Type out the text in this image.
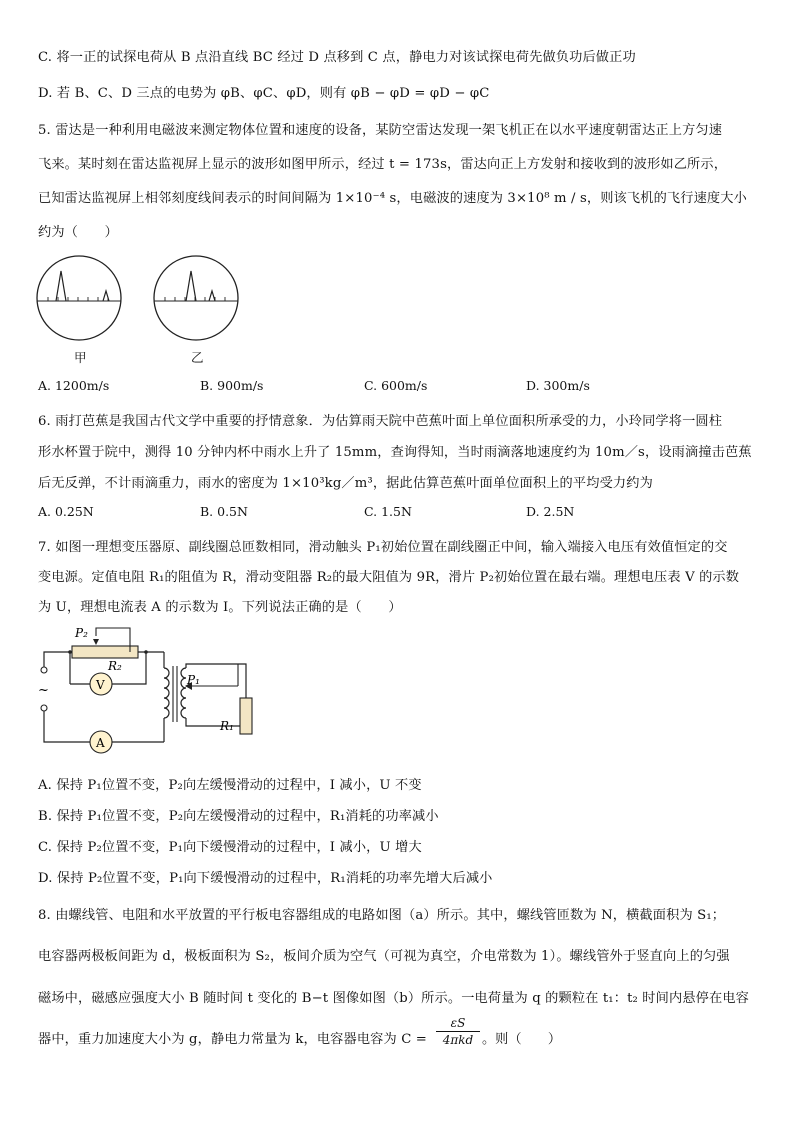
C. 将一正的试探电荷从 B 点沿直线 BC 经过 D 点移到 C 点，静电力对该试探电荷先做负功后做正功
D. 若 B、C、D 三点的电势为 φB、φC、φD，则有 φB − φD = φD − φC
5. 雷达是一种利用电磁波来测定物体位置和速度的设备，某防空雷达发现一架飞机正在以水平速度朝雷达正上方匀速
飞来。某时刻在雷达监视屏上显示的波形如图甲所示，经过 t = 173s，雷达向正上方发射和接收到的波形如乙所示，
已知雷达监视屏上相邻刻度线间表示的时间间隔为 1×10⁻⁴ s，电磁波的速度为 3×10⁸ m / s，则该飞机的飞行速度大小
约为（　　）
甲	乙
A. 1200m/s	B. 900m/s	C. 600m/s	D. 300m/s
6. 雨打芭蕉是我国古代文学中重要的抒情意象．为估算雨天院中芭蕉叶面上单位面积所承受的力，小玲同学将一圆柱
形水杯置于院中，测得 10 分钟内杯中雨水上升了 15mm，查询得知，当时雨滴落地速度约为 10m／s，设雨滴撞击芭蕉
后无反弹，不计雨滴重力，雨水的密度为 1×10³kg／m³，据此估算芭蕉叶面单位面积上的平均受力约为
A. 0.25N	B. 0.5N	C. 1.5N	D. 2.5N
7. 如图一理想变压器原、副线圈总匝数相同，滑动触头 P₁初始位置在副线圈正中间，输入端接入电压有效值恒定的交
变电源。定值电阻 R₁的阻值为 R，滑动变阻器 R₂的最大阻值为 9R，滑片 P₂初始位置在最右端。理想电压表 V 的示数
为 U，理想电流表 A 的示数为 I。下列说法正确的是（　　）
~
P₂
R₂
V	P₁
R₁
A
A. 保持 P₁位置不变，P₂向左缓慢滑动的过程中，I 减小，U 不变
B. 保持 P₁位置不变，P₂向左缓慢滑动的过程中，R₁消耗的功率减小
C. 保持 P₂位置不变，P₁向下缓慢滑动的过程中，I 减小，U 增大
D. 保持 P₂位置不变，P₁向下缓慢滑动的过程中，R₁消耗的功率先增大后减小
8. 由螺线管、电阻和水平放置的平行板电容器组成的电路如图（a）所示。其中，螺线管匝数为 N，横截面积为 S₁；
电容器两极板间距为 d，极板面积为 S₂，板间介质为空气（可视为真空，介电常数为 1）。螺线管外于竖直向上的匀强
磁场中，磁感应强度大小 B 随时间 t 变化的 B−t 图像如图（b）所示。一电荷量为 q 的颗粒在 t₁：t₂ 时间内悬停在电容
器中，重力加速度大小为 g，静电力常量为 k，电容器电容为 C =
εS
4πkd 。则（　　）
